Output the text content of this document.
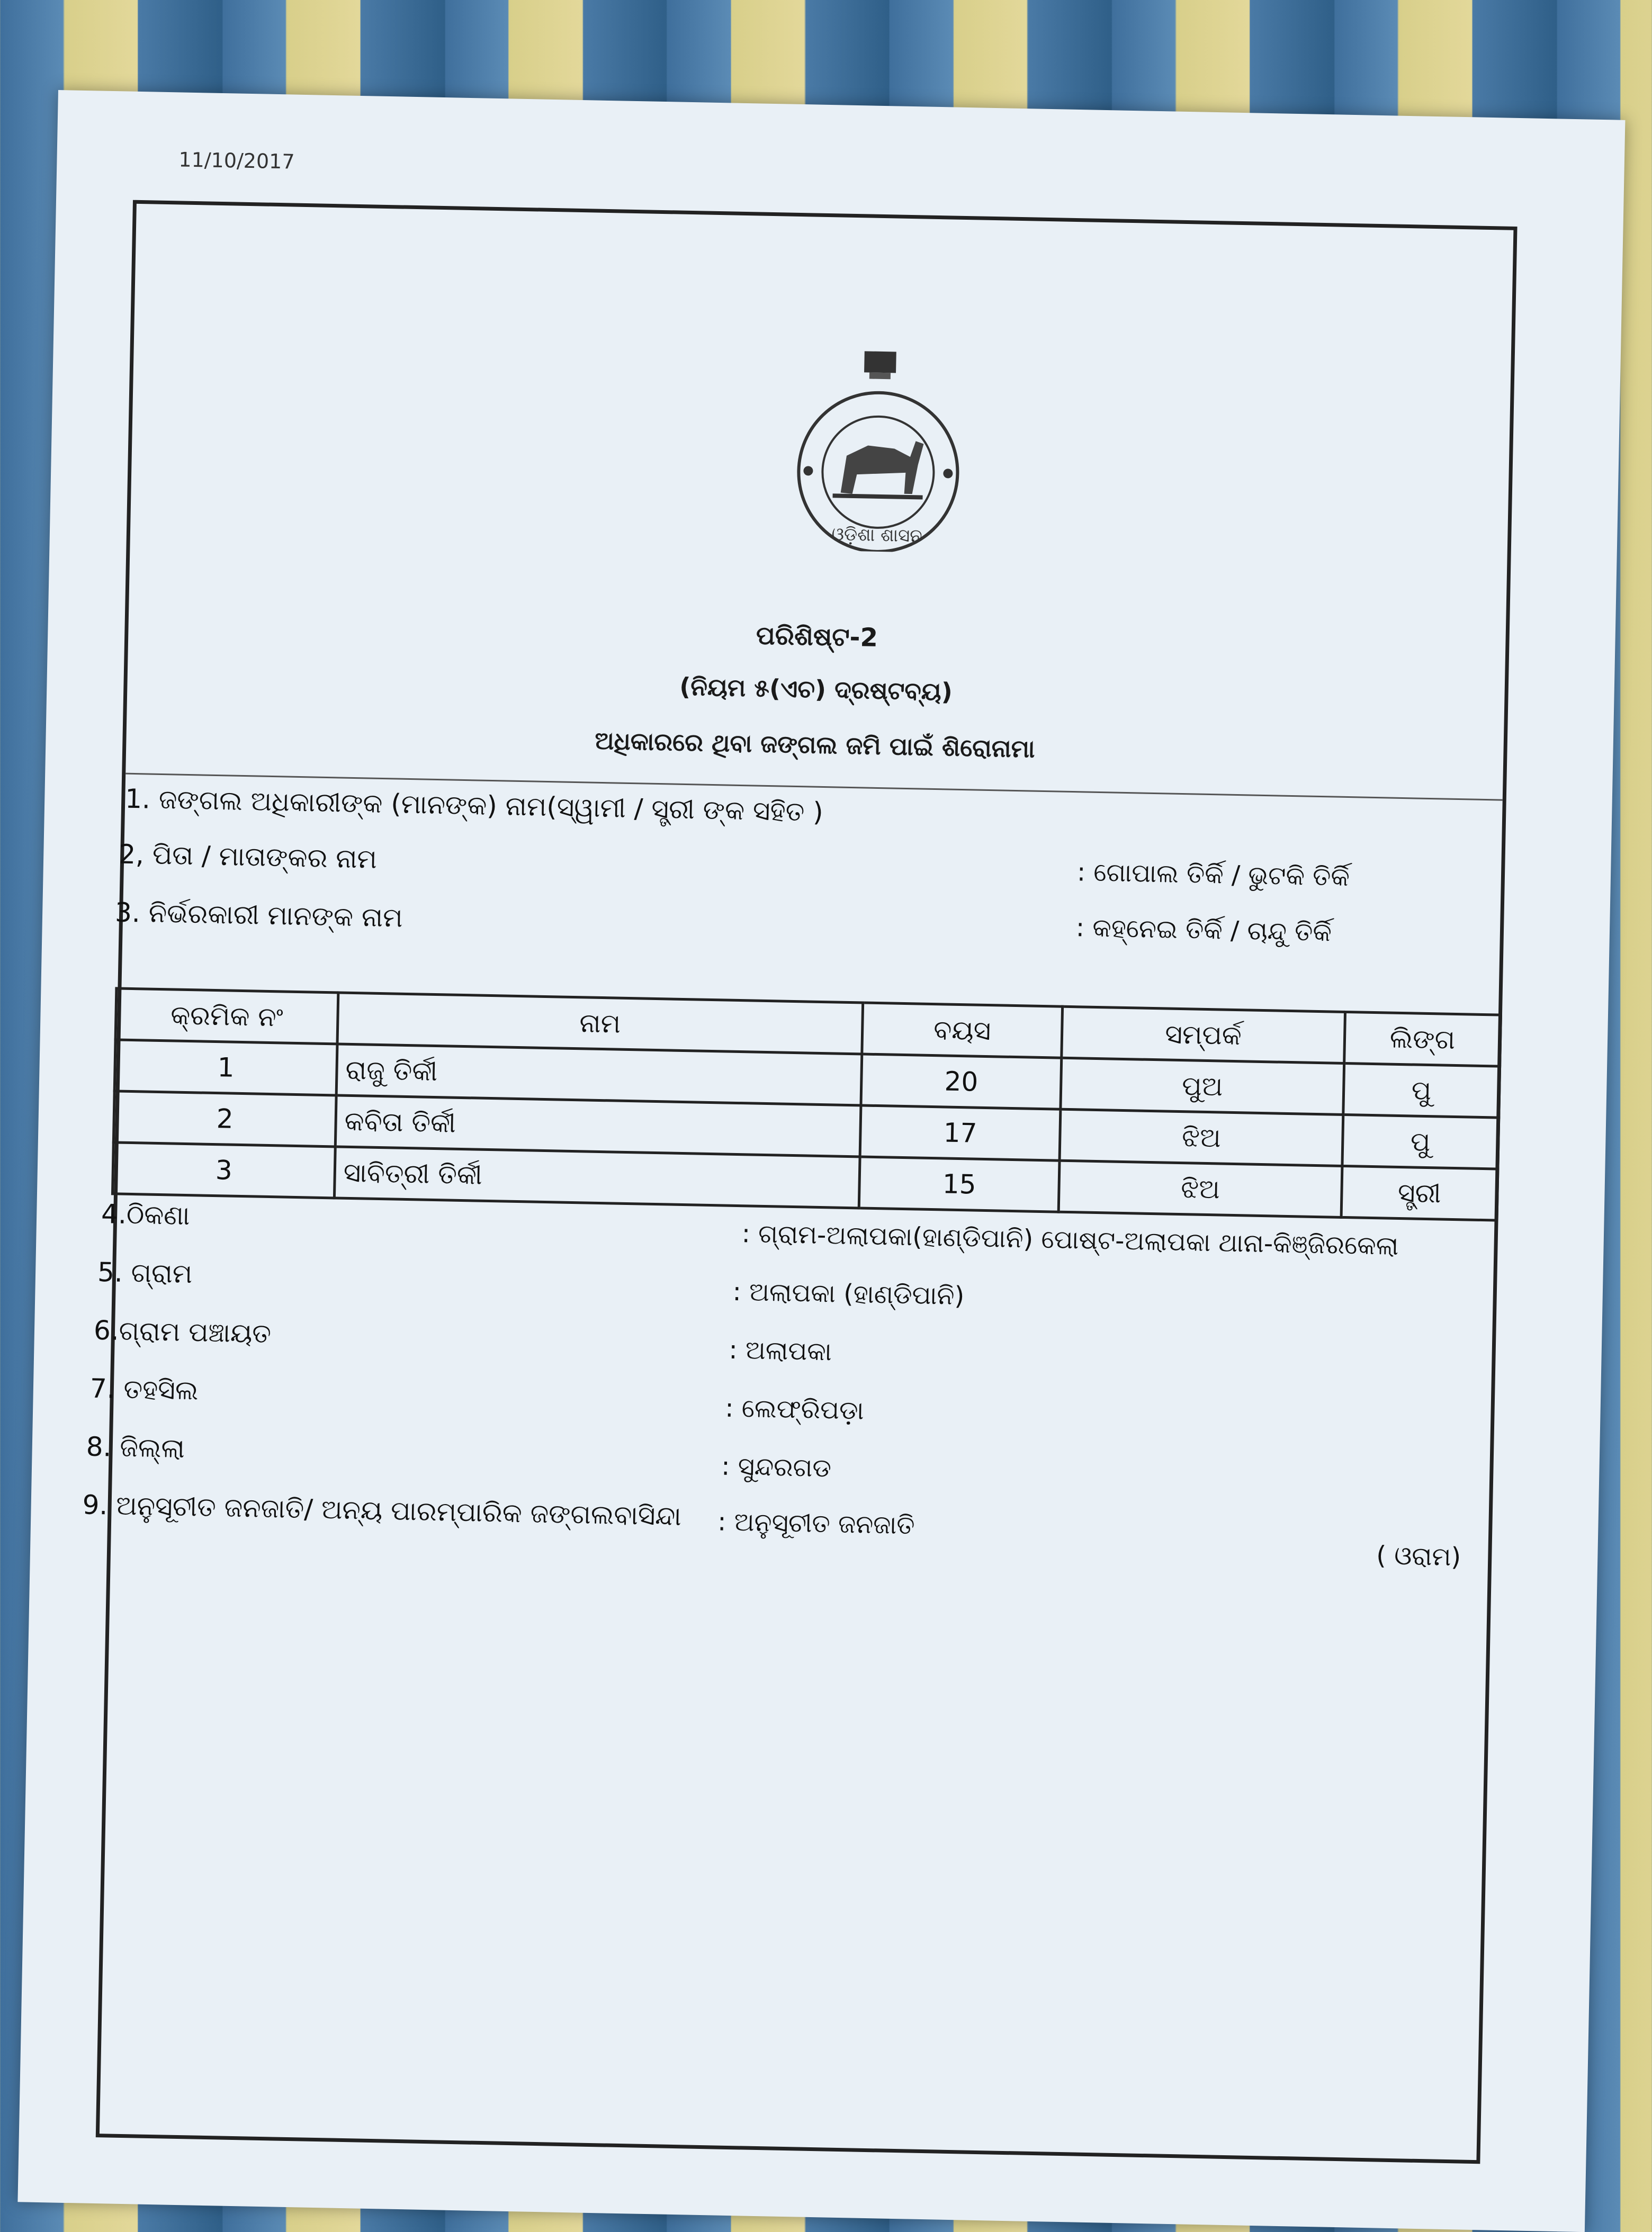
11/10/2017
ଓଡ଼ିଶା ଶାସନ
ପରିଶିଷ୍ଟ-2
(ନିୟମ ୫(ଏଚ) ଦ୍ରଷ୍ଟବ୍ୟ)
ଅଧିକାରରେ ଥିବା ଜଙ୍ଗଲ ଜମି ପାଇଁ ଶିରୋନାମା
1. ଜଙ୍ଗଲ ଅଧିକାରୀଙ୍କ (ମାନଙ୍କ) ନାମ(ସ୍ୱାମୀ / ସ୍ତ୍ରୀ ଙ୍କ ସହିତ )
2, ପିତା / ମାତାଙ୍କର ନାମ
: ଗୋପାଲ ତିର୍କି / ଭୁଟକି ତିର୍କି
3. ନିର୍ଭରକାରୀ ମାନଙ୍କ ନାମ	: କହ୍ନେଇ ତିର୍କି / ଚାନ୍ଦୁ ତିର୍କି
କ୍ରମିକ ନଂ	ନାମ	ବୟସ	ସମ୍ପର୍କ	ଲିଙ୍ଗ
1	ରାଜୁ ତିର୍କୀ	20	ପୁଅ	ପୁ
2	କବିତା ତିର୍କୀ	17	ଝିଅ	ପୁ
3	ସାବିତ୍ରୀ ତିର୍କୀ	15	ଝିଅ	ସ୍ତ୍ରୀ
4.ଠିକଣା
: ଗ୍ରାମ-ଅଲାପକା(ହାଣ୍ଡିପାନି) ପୋଷ୍ଟ-ଅଲାପକା ଥାନା-କିଞ୍ଜିରକେଲା
5. ଗ୍ରାମ
: ଅଲାପକା (ହାଣ୍ଡିପାନି)
6.ଗ୍ରାମ ପଞ୍ଚାୟତ
: ଅଲାପକା
7. ତହସିଲ
: ଲେଫ୍ରିପଡ଼ା
8. ଜିଲ୍ଲା
: ସୁନ୍ଦରଗଡ
9. ଅନୁସୂଚୀତ ଜନଜାତି/ ଅନ୍ୟ ପାରମ୍ପାରିକ ଜଙ୍ଗଲବାସିନ୍ଦା : ଅନୁସୂଚୀତ ଜନଜାତି
( ଓରାମ)
